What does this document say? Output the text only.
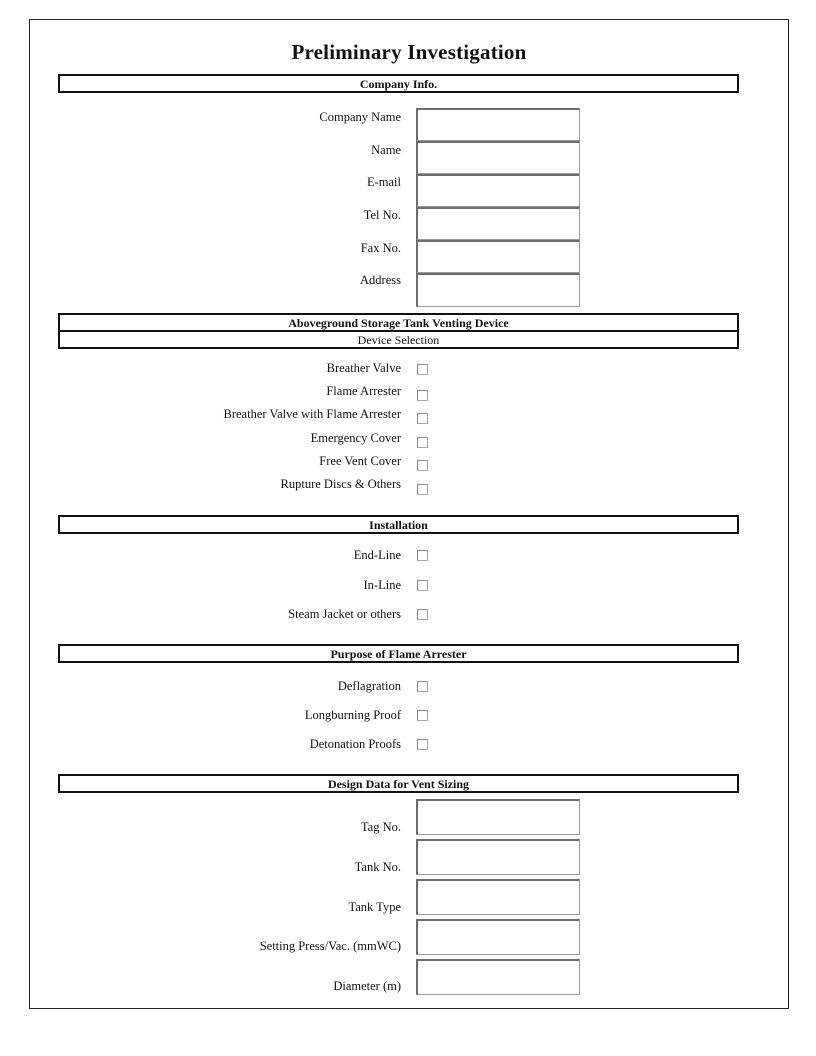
Preliminary Investigation
Company Info.
Company Name
Name
E-mail
Tel No.
Fax No.
Address
Aboveground Storage Tank Venting Device
Device Selection
Breather Valve
Flame Arrester
Breather Valve with Flame Arrester
Emergency Cover
Free Vent Cover
Rupture Discs & Others
Installation
End-Line
In-Line
Steam Jacket or others
Purpose of Flame Arrester
Deflagration
Longburning Proof
Detonation Proofs
Design Data for Vent Sizing
Tag No.
Tank No.
Tank Type
Setting Press/Vac. (mmWC)
Diameter (m)
